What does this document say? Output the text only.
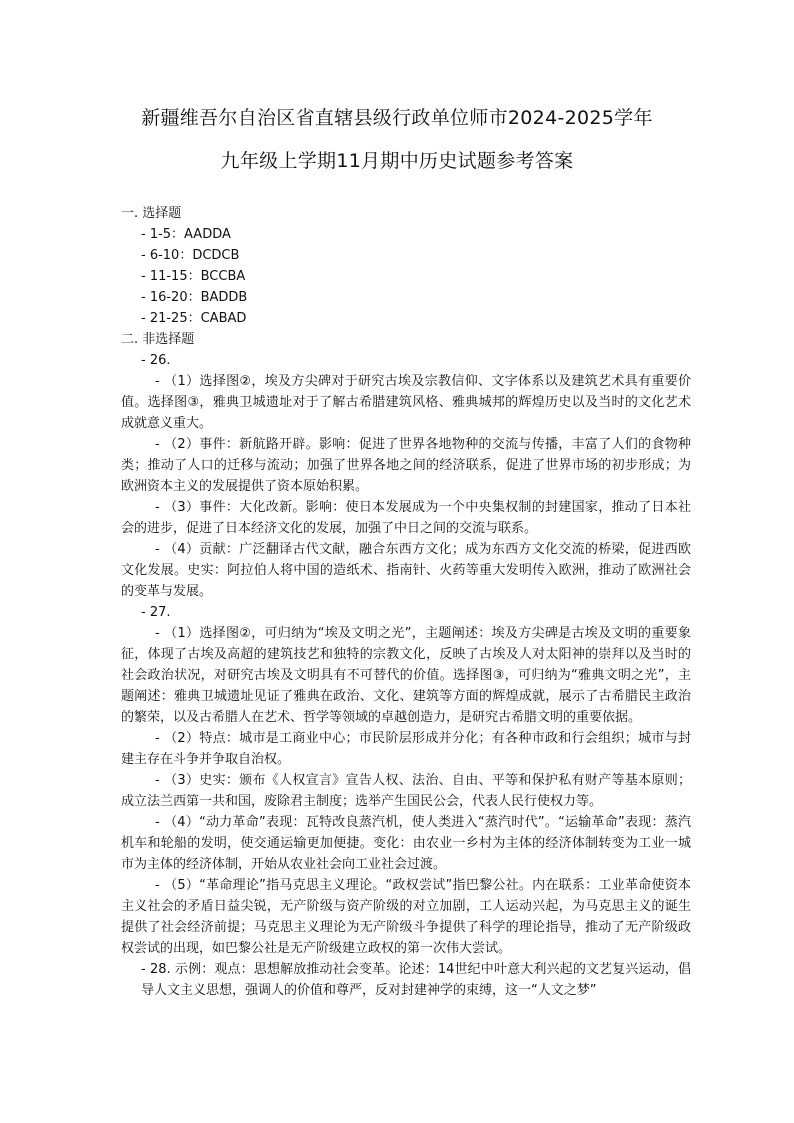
新疆维吾尔自治区省直辖县级行政单位师市2024-2025学年
九年级上学期11月期中历史试题参考答案

一. 选择题

- 1-5：AADDA

- 6-10：DCDCB

- 11-15：BCCBA

- 16-20：BADDB

- 21-25：CABAD

二. 非选择题

- 26.

- （1）选择图②，埃及方尖碑对于研究古埃及宗教信仰、文字体系以及建筑艺术具有重要价值。选择图③，雅典卫城遗址对于了解古希腊建筑风格、雅典城邦的辉煌历史以及当时的文化艺术成就意义重大。

- （2）事件：新航路开辟。影响：促进了世界各地物种的交流与传播，丰富了人们的食物种类；推动了人口的迁移与流动；加强了世界各地之间的经济联系，促进了世界市场的初步形成；为欧洲资本主义的发展提供了资本原始积累。

- （3）事件：大化改新。影响：使日本发展成为一个中央集权制的封建国家，推动了日本社会的进步，促进了日本经济文化的发展，加强了中日之间的交流与联系。

- （4）贡献：广泛翻译古代文献，融合东西方文化；成为东西方文化交流的桥梁，促进西欧文化发展。史实：阿拉伯人将中国的造纸术、指南针、火药等重大发明传入欧洲，推动了欧洲社会的变革与发展。

- 27.

- （1）选择图②，可归纳为“埃及文明之光”，主题阐述：埃及方尖碑是古埃及文明的重要象征，体现了古埃及高超的建筑技艺和独特的宗教文化，反映了古埃及人对太阳神的崇拜以及当时的社会政治状况，对研究古埃及文明具有不可替代的价值。选择图③，可归纳为“雅典文明之光”，主题阐述：雅典卫城遗址见证了雅典在政治、文化、建筑等方面的辉煌成就，展示了古希腊民主政治的繁荣，以及古希腊人在艺术、哲学等领域的卓越创造力，是研究古希腊文明的重要依据。

- （2）特点：城市是工商业中心；市民阶层形成并分化；有各种市政和行会组织；城市与封建主存在斗争并争取自治权。

- （3）史实：颁布《人权宣言》宣告人权、法治、自由、平等和保护私有财产等基本原则；成立法兰西第一共和国，废除君主制度；选举产生国民公会，代表人民行使权力等。

- （4）“动力革命”表现：瓦特改良蒸汽机，使人类进入“蒸汽时代”。“运输革命”表现：蒸汽机车和轮船的发明，使交通运输更加便捷。变化：由农业一乡村为主体的经济体制转变为工业一城市为主体的经济体制，开始从农业社会向工业社会过渡。

- （5）“革命理论”指马克思主义理论。“政权尝试”指巴黎公社。内在联系：工业革命使资本主义社会的矛盾日益尖锐，无产阶级与资产阶级的对立加剧，工人运动兴起，为马克思主义的诞生提供了社会经济前提；马克思主义理论为无产阶级斗争提供了科学的理论指导，推动了无产阶级政权尝试的出现，如巴黎公社是无产阶级建立政权的第一次伟大尝试。

- 28. 示例：观点：思想解放推动社会变革。论述：14世纪中叶意大利兴起的文艺复兴运动，倡导人文主义思想，强调人的价值和尊严，反对封建神学的束缚，这一“人文之梦”
